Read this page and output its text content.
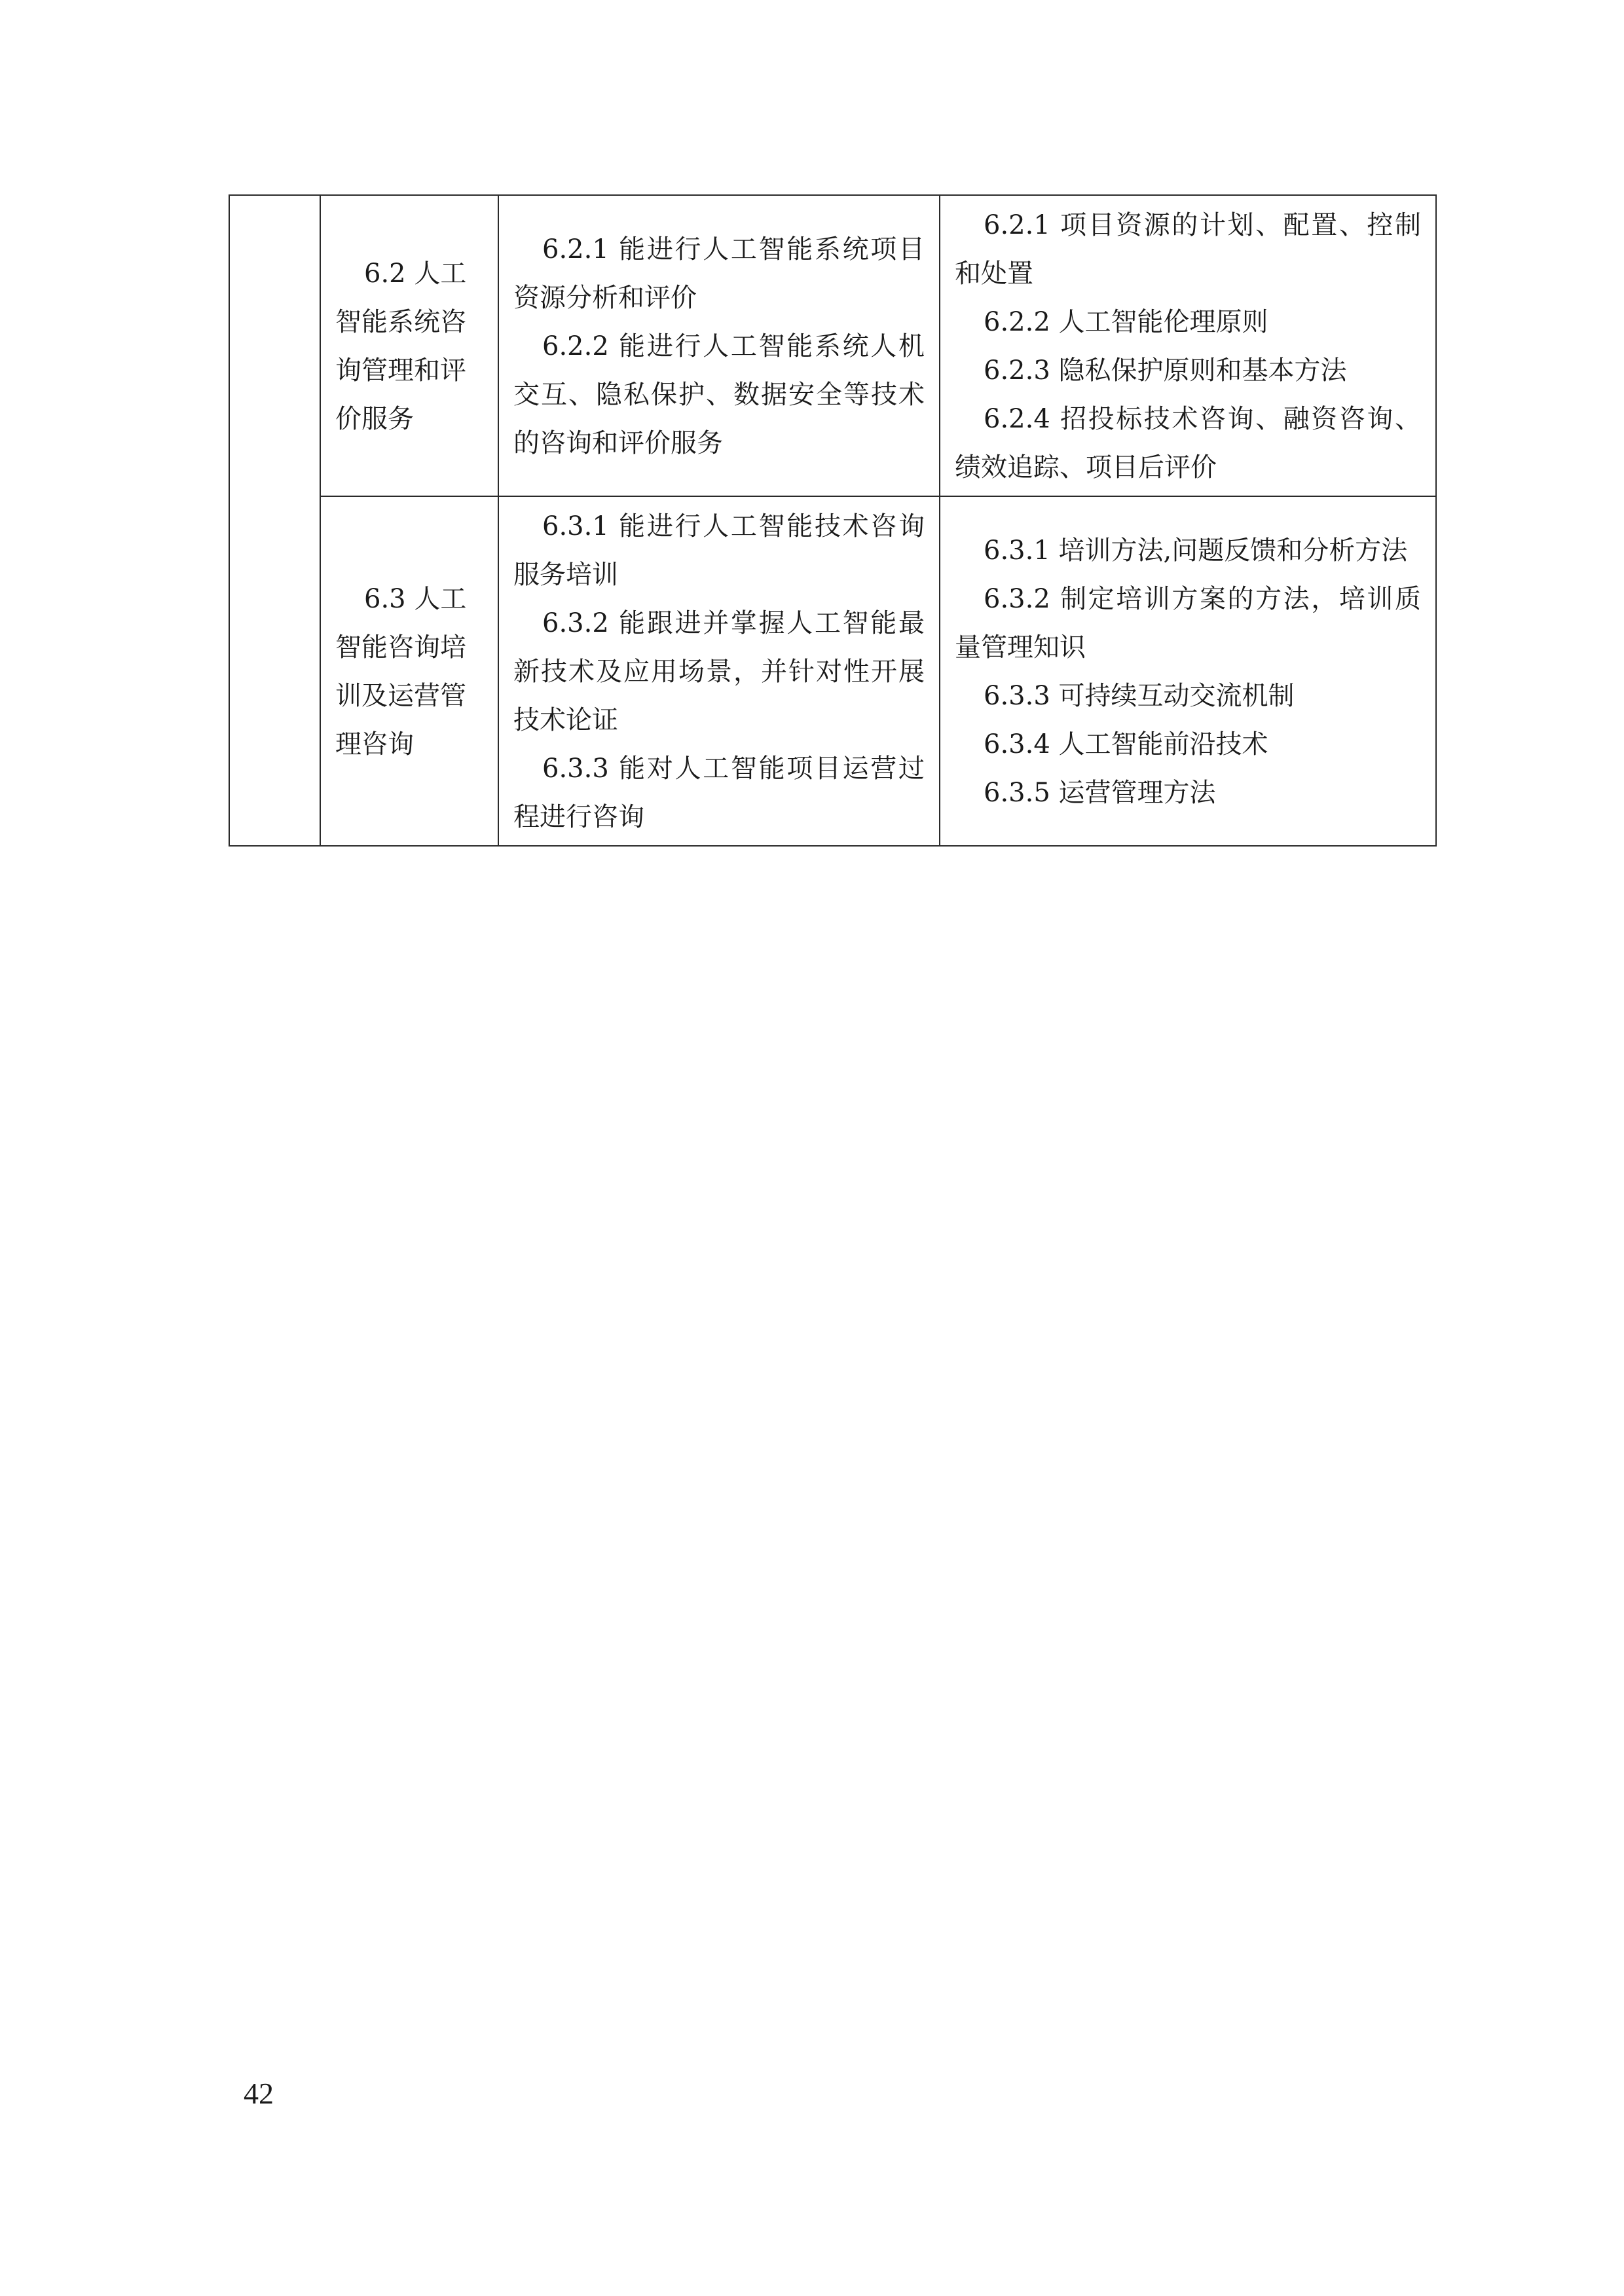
	6.2 人工智能系统咨询管理和评价服务	6.2.1 能进行人工智能系统项目资源分析和评价
6.2.2 能进行人工智能系统人机交互、隐私保护、数据安全等技术的咨询和评价服务	6.2.1 项目资源的计划、配置、控制和处置
6.2.2 人工智能伦理原则
6.2.3 隐私保护原则和基本方法
6.2.4 招投标技术咨询、融资咨询、绩效追踪、项目后评价

	6.3 人工智能咨询培训及运营管理咨询	6.3.1 能进行人工智能技术咨询服务培训
6.3.2 能跟进并掌握人工智能最新技术及应用场景，并针对性开展技术论证
6.3.3 能对人工智能项目运营过程进行咨询	6.3.1 培训方法,问题反馈和分析方法
6.3.2 制定培训方案的方法，培训质量管理知识
6.3.3 可持续互动交流机制
6.3.4 人工智能前沿技术
6.3.5 运营管理方法
42
